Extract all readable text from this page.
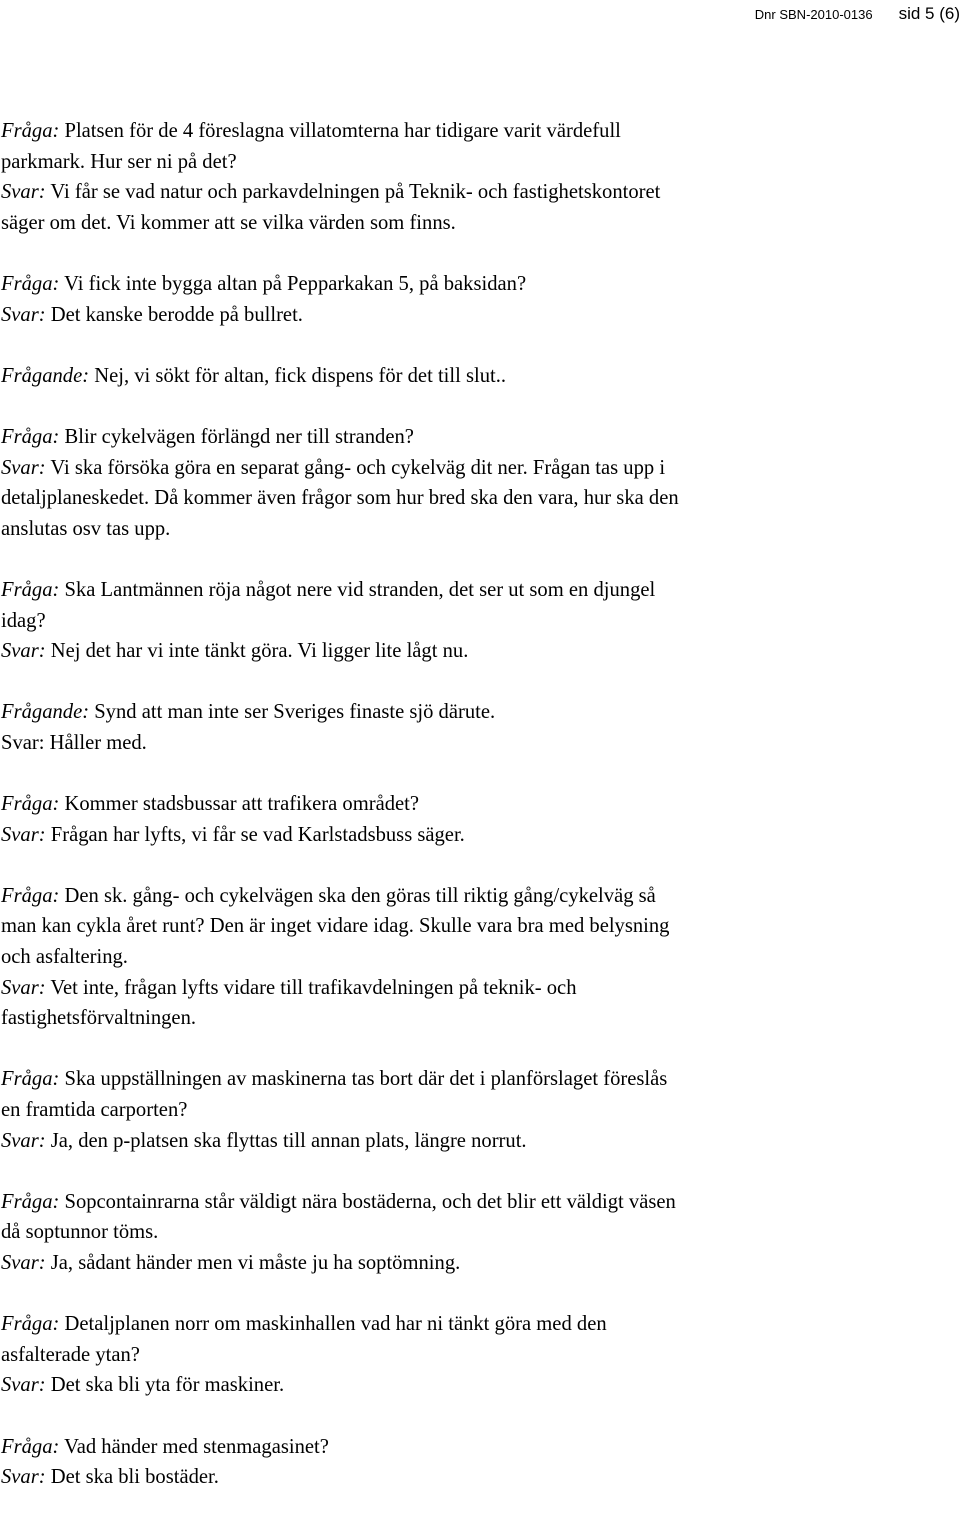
Dnr SBN-2010-0136 sid 5 (6)
Fråga: Platsen för de 4 föreslagna villatomterna har tidigare varit värdefull
parkmark. Hur ser ni på det?
Svar: Vi får se vad natur och parkavdelningen på Teknik- och fastighetskontoret
säger om det. Vi kommer att se vilka värden som finns.
Fråga: Vi fick inte bygga altan på Pepparkakan 5, på baksidan?
Svar: Det kanske berodde på bullret.
Frågande: Nej, vi sökt för altan, fick dispens för det till slut..
Fråga: Blir cykelvägen förlängd ner till stranden?
Svar: Vi ska försöka göra en separat gång- och cykelväg dit ner. Frågan tas upp i
detaljplaneskedet. Då kommer även frågor som hur bred ska den vara, hur ska den
anslutas osv tas upp.
Fråga: Ska Lantmännen röja något nere vid stranden, det ser ut som en djungel
idag?
Svar: Nej det har vi inte tänkt göra. Vi ligger lite lågt nu.
Frågande: Synd att man inte ser Sveriges finaste sjö därute.
Svar: Håller med.
Fråga: Kommer stadsbussar att trafikera området?
Svar: Frågan har lyfts, vi får se vad Karlstadsbuss säger.
Fråga: Den sk. gång- och cykelvägen ska den göras till riktig gång/cykelväg så
man kan cykla året runt? Den är inget vidare idag. Skulle vara bra med belysning
och asfaltering.
Svar: Vet inte, frågan lyfts vidare till trafikavdelningen på teknik- och
fastighetsförvaltningen.
Fråga: Ska uppställningen av maskinerna tas bort där det i planförslaget föreslås
en framtida carporten?
Svar: Ja, den p-platsen ska flyttas till annan plats, längre norrut.
Fråga: Sopcontainrarna står väldigt nära bostäderna, och det blir ett väldigt väsen
då soptunnor töms.
Svar: Ja, sådant händer men vi måste ju ha soptömning.
Fråga: Detaljplanen norr om maskinhallen vad har ni tänkt göra med den
asfalterade ytan?
Svar: Det ska bli yta för maskiner.
Fråga: Vad händer med stenmagasinet?
Svar: Det ska bli bostäder.
